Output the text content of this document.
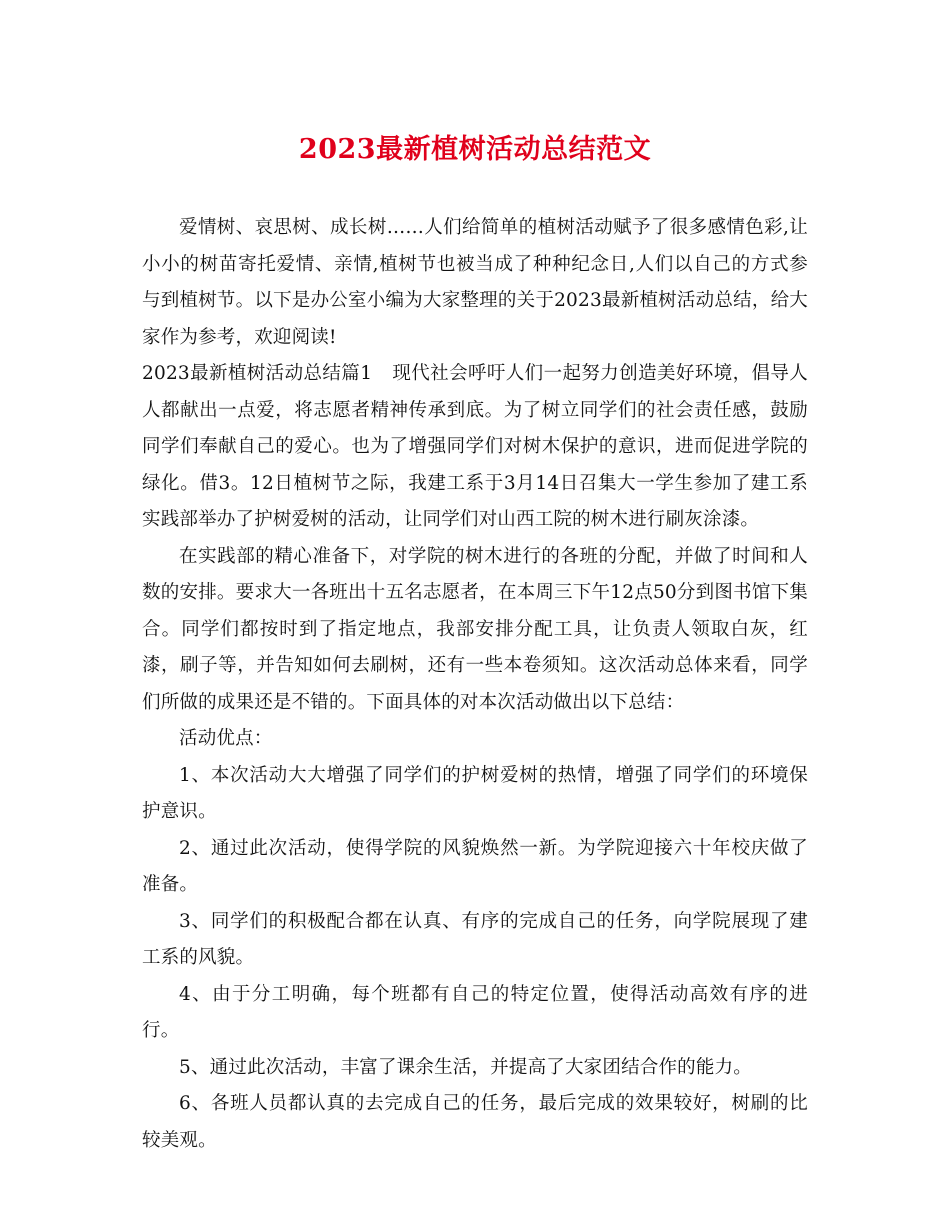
2023最新植树活动总结范文

爱情树、哀思树、成长树……人们给简单的植树活动赋予了很多感情色彩,让小小的树苗寄托爱情、亲情,植树节也被当成了种种纪念日,人们以自己的方式参与到植树节。以下是办公室小编为大家整理的关于2023最新植树活动总结，给大家作为参考，欢迎阅读!

2023最新植树活动总结篇1 现代社会呼吁人们一起努力创造美好环境，倡导人人都献出一点爱，将志愿者精神传承到底。为了树立同学们的社会责任感，鼓励同学们奉献自己的爱心。也为了增强同学们对树木保护的意识，进而促进学院的绿化。借3。12日植树节之际，我建工系于3月14日召集大一学生参加了建工系实践部举办了护树爱树的活动，让同学们对山西工院的树木进行刷灰涂漆。

在实践部的精心准备下，对学院的树木进行的各班的分配，并做了时间和人数的安排。要求大一各班出十五名志愿者，在本周三下午12点50分到图书馆下集合。同学们都按时到了指定地点，我部安排分配工具，让负责人领取白灰，红漆，刷子等，并告知如何去刷树，还有一些本卷须知。这次活动总体来看，同学们所做的成果还是不错的。下面具体的对本次活动做出以下总结：

活动优点：

1、本次活动大大增强了同学们的护树爱树的热情，增强了同学们的环境保护意识。

2、通过此次活动，使得学院的风貌焕然一新。为学院迎接六十年校庆做了准备。

3、同学们的积极配合都在认真、有序的完成自己的任务，向学院展现了建工系的风貌。

4、由于分工明确，每个班都有自己的特定位置，使得活动高效有序的进行。

5、通过此次活动，丰富了课余生活，并提高了大家团结合作的能力。

6、各班人员都认真的去完成自己的任务，最后完成的效果较好，树刷的比较美观。
